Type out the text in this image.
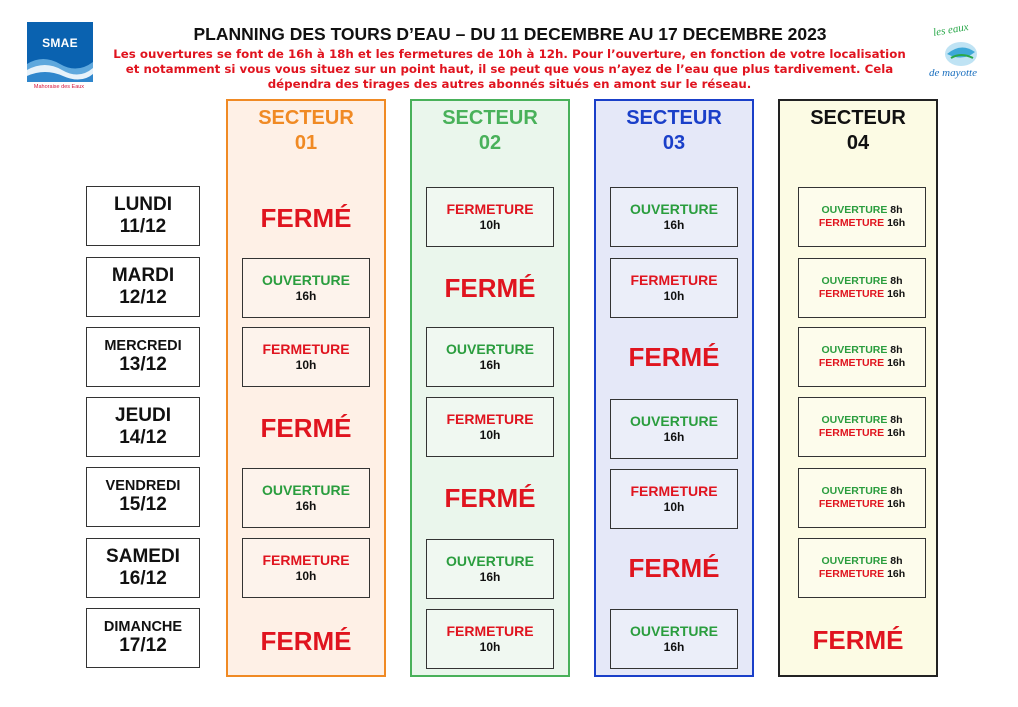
SMAE
Mahoraise des Eaux
PLANNING DES TOURS D’EAU – DU 11 DECEMBRE AU 17 DECEMBRE 2023
Les ouvertures se font de 16h à 18h et les fermetures de 10h à 12h. Pour l’ouverture, en fonction de votre localisation et notamment si vous vous situez sur un point haut, il se peut que vous n’ayez de l’eau que plus tardivement. Cela dépendra des tirages des autres abonnés situés en amont sur le réseau.
les eaux
de mayotte
LUNDI
11/12
MARDI
12/12
MERCREDI
13/12
JEUDI
14/12
VENDREDI
15/12
SAMEDI
16/12
DIMANCHE
17/12
SECTEUR
01
FERMÉ
OUVERTURE
16h
FERMETURE
10h
FERMÉ
OUVERTURE
16h
FERMETURE
10h
FERMÉ
SECTEUR
02
FERMETURE
10h
FERMÉ
OUVERTURE
16h
FERMETURE
10h
FERMÉ
OUVERTURE
16h
FERMETURE
10h
SECTEUR
03
OUVERTURE
16h
FERMETURE
10h
FERMÉ
OUVERTURE
16h
FERMETURE
10h
FERMÉ
OUVERTURE
16h
SECTEUR
04
OUVERTURE 8h
FERMETURE 16h
OUVERTURE 8h
FERMETURE 16h
OUVERTURE 8h
FERMETURE 16h
OUVERTURE 8h
FERMETURE 16h
OUVERTURE 8h
FERMETURE 16h
OUVERTURE 8h
FERMETURE 16h
FERMÉ
